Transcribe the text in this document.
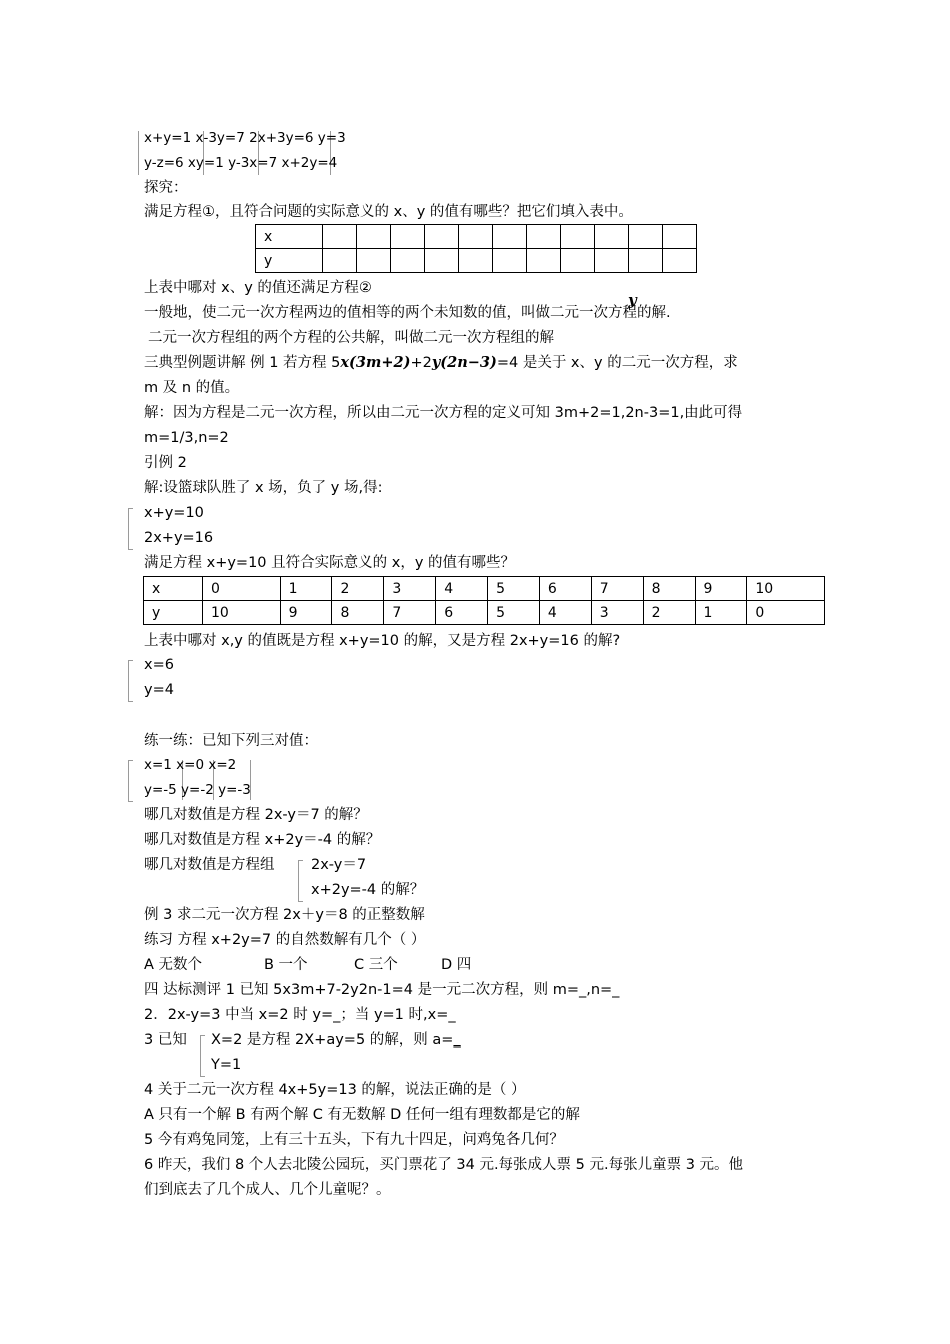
x+y=1 x-3y=7 2x+3y=6 y=3
y-z=6 xy=1 y-3x=7 x+2y=4
探究：
满足方程①，且符合问题的实际意义的 x、y 的值有哪些？把它们填入表中。
x											
y											
上表中哪对 x、y 的值还满足方程②
y
一般地，使二元一次方程两边的值相等的两个未知数的值，叫做二元一次方程的解.
二元一次方程组的两个方程的公共解，叫做二元一次方程组的解
三典型例题讲解 例 1 若方程 5x(3m+2)+2y(2n−3)=4 是关于 x、y 的二元一次方程，求
m 及 n 的值。
解：因为方程是二元一次方程，所以由二元一次方程的定义可知 3m+2=1,2n-3=1,由此可得
m=1/3,n=2
引例 2
解:设篮球队胜了 x 场，负了 y 场,得:
x+y=10
2x+y=16
满足方程 x+y=10 且符合实际意义的 x，y 的值有哪些？
x	0	1	2	3	4	5	6	7	8	9	10
y	10	9	8	7	6	5	4	3	2	1	0
上表中哪对 x,y 的值既是方程 x+y=10 的解，又是方程 2x+y=16 的解?
x=6
y=4
练一练：已知下列三对值：
x=1 x=0 x=2
y=-5 y=-2 y=-3
哪几对数值是方程 2x-y＝7 的解？
哪几对数值是方程 x+2y＝-4 的解？
哪几对数值是方程组	2x-y＝7
x+2y=-4 的解？
例 3 求二元一次方程 2x＋y＝8 的正整数解
练习 方程 x+2y=7 的自然数解有几个（ ）
A 无数个	B 一个	C 三个	D 四
四 达标测评 1 已知 5x3m+7-2y2n-1=4 是一元二次方程，则 m=_,n=_
2．2x-y=3 中当 x=2 时 y=_；当 y=1 时,x=_
3 已知 X=2 是方程 2X+ay=5 的解，则 a=_
Y=1
4 关于二元一次方程 4x+5y=13 的解，说法正确的是（ ）
A 只有一个解 B 有两个解 C 有无数解 D 任何一组有理数都是它的解
5 今有鸡兔同笼，上有三十五头，下有九十四足，问鸡兔各几何？
6 昨天，我们 8 个人去北陵公园玩，买门票花了 34 元.每张成人票 5 元.每张儿童票 3 元。他
们到底去了几个成人、几个儿童呢？。
